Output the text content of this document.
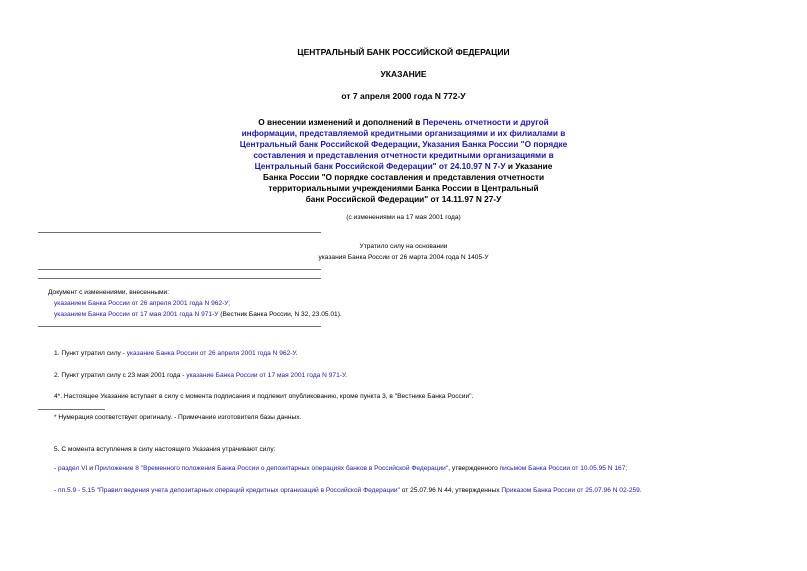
ЦЕНТРАЛЬНЫЙ БАНК РОССИЙСКОЙ ФЕДЕРАЦИИ
УКАЗАНИЕ
от 7 апреля 2000 года N 772-У
О внесении изменений и дополнений в Перечень отчетности и другой
информации, представляемой кредитными организациями и их филиалами в
Центральный банк Российской Федерации, Указания Банка России "О порядке
составления и представления отчетности кредитными организациями в
Центральный банк Российской Федерации" от 24.10.97 N 7-У и Указание
Банка России "О порядке составления и представления отчетности
территориальными учреждениями Банка России в Центральный
банк Российской Федерации" от 14.11.97 N 27-У
(с изменениями на 17 мая 2001 года)
Утратило силу на основании
указания Банка России от 26 марта 2004 года N 1405-У
Документ с изменениями, внесенными:
указанием Банка России от 26 апреля 2001 года N 962-У;
указанием Банка России от 17 мая 2001 года N 971-У (Вестник Банка России, N 32, 23.05.01).
1. Пункт утратил силу - указание Банка России от 26 апреля 2001 года N 962-У.
2. Пункт утратил силу с 23 мая 2001 года - указание Банка России от 17 мая 2001 года N 971-У.
4*. Настоящее Указание вступает в силу с момента подписания и подлежит опубликованию, кроме пункта 3, в "Вестнике Банка России".
* Нумерация соответствует оригиналу. - Примечание изготовителя базы данных.
5. С момента вступления в силу настоящего Указания утрачивают силу:
- раздел VI и Приложение 8 "Временного положения Банка России о депозитарных операциях банков в Российской Федерации", утвержденного письмом Банка России от 10.05.95 N 167;
- пп.5.9 - 5.15 "Правил ведения учета депозитарных операций кредитных организаций в Российской Федерации" от 25.07.96 N 44, утвержденных Приказом Банка России от 25.07.96 N 02-259.
